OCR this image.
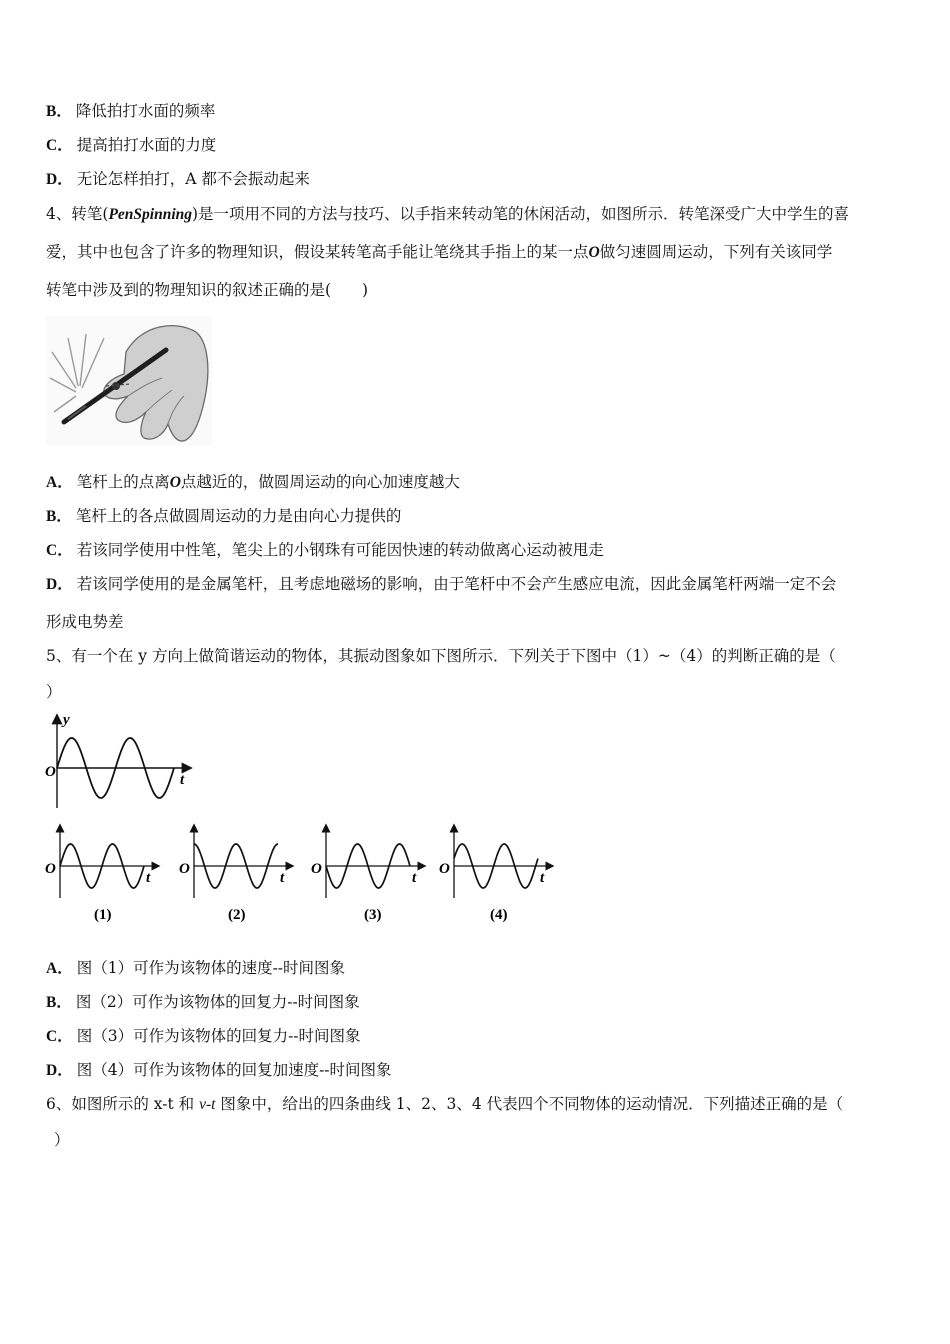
B． 降低拍打水面的频率
C． 提高拍打水面的力度
D． 无论怎样拍打，A 都不会振动起来
4、转笔(PenSpinning)是一项用不同的方法与技巧、以手指来转动笔的休闲活动，如图所示．转笔深受广大中学生的喜
爱，其中也包含了许多的物理知识，假设某转笔高手能让笔绕其手指上的某一点O做匀速圆周运动，下列有关该同学
转笔中涉及到的物理知识的叙述正确的是(　　)
A． 笔杆上的点离O点越近的，做圆周运动的向心加速度越大
B． 笔杆上的各点做圆周运动的力是由向心力提供的
C． 若该同学使用中性笔，笔尖上的小钢珠有可能因快速的转动做离心运动被甩走
D． 若该同学使用的是金属笔杆，且考虑地磁场的影响，由于笔杆中不会产生感应电流，因此金属笔杆两端一定不会
形成电势差
5、有一个在 y 方向上做简谐运动的物体，其振动图象如下图所示．下列关于下图中（1）~（4）的判断正确的是（
）
y
O	t
O
t
(1)
O
t
(2)
O
t
(3)
O
t
(4)
A． 图（1）可作为该物体的速度--时间图象
B． 图（2）可作为该物体的回复力--时间图象
C． 图（3）可作为该物体的回复力--时间图象
D． 图（4）可作为该物体的回复加速度--时间图象
6、如图所示的 x-t 和 v-t 图象中，给出的四条曲线 1、2、3、4 代表四个不同物体的运动情况．下列描述正确的是（
）
